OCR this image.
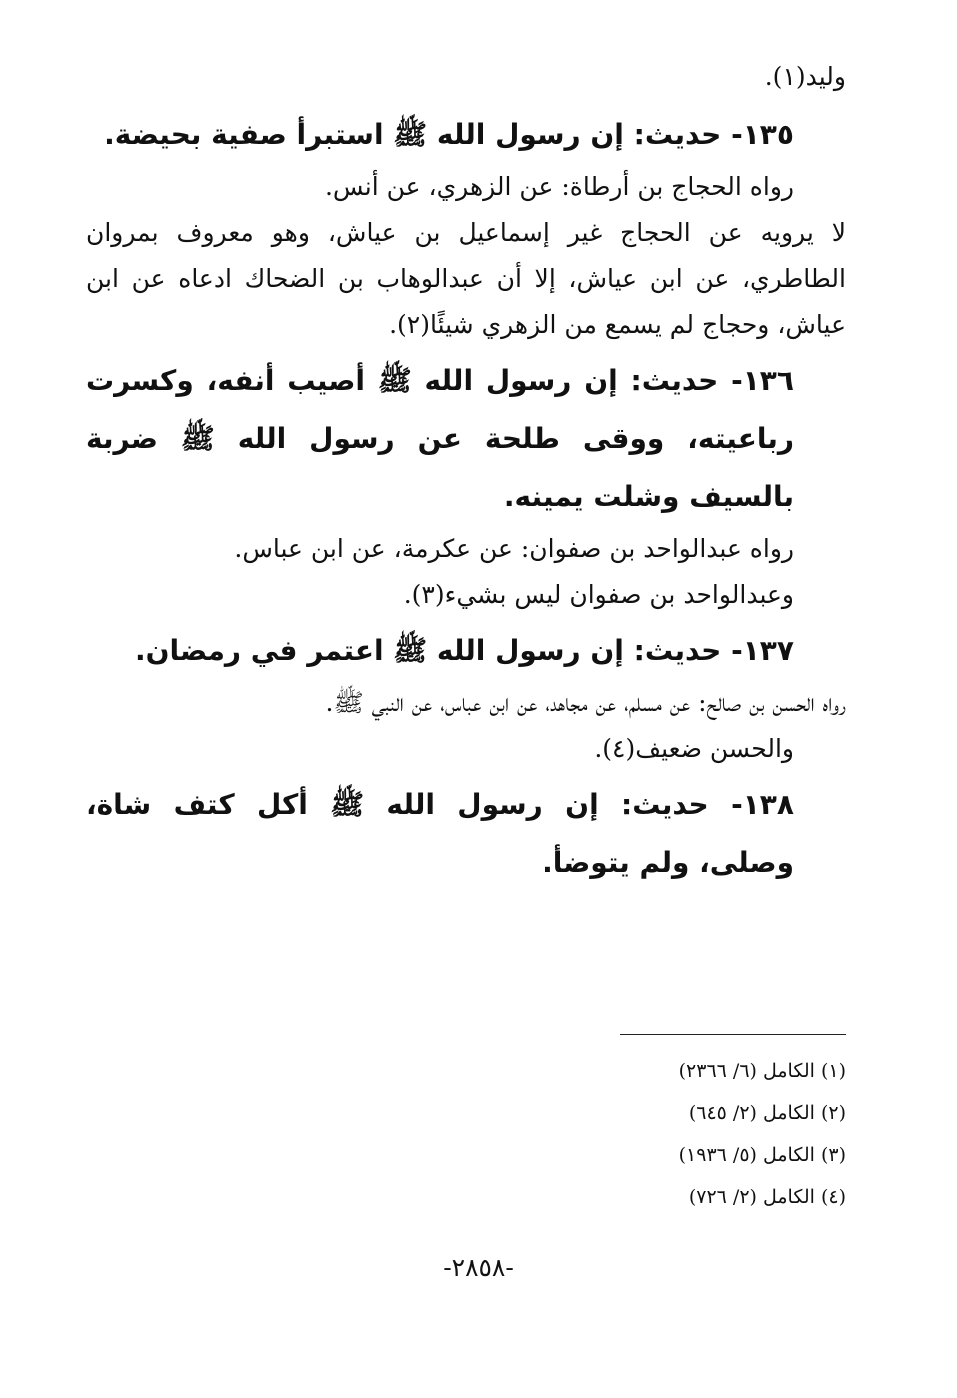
وليد(١).

١٣٥- حديث: إن رسول الله ﷺ استبرأ صفية بحيضة.

رواه الحجاج بن أرطاة: عن الزهري، عن أنس.

لا يرويه عن الحجاج غير إسماعيل بن عياش، وهو معروف بمروان الطاطري، عن ابن عياش، إلا أن عبدالوهاب بن الضحاك ادعاه عن ابن عياش، وحجاج لم يسمع من الزهري شيئًا(٢).

١٣٦- حديث: إن رسول الله ﷺ أصيب أنفه، وكسرت رباعيته، ووقى طلحة عن رسول الله ﷺ ضربة بالسيف وشلت يمينه.

رواه عبدالواحد بن صفوان: عن عكرمة، عن ابن عباس.

وعبدالواحد بن صفوان ليس بشيء(٣).

١٣٧- حديث: إن رسول الله ﷺ اعتمر في رمضان.

رواه الحسن بن صالح: عن مسلم، عن مجاهد، عن ابن عباس، عن النبي ﷺ.

والحسن ضعيف(٤).

١٣٨- حديث: إن رسول الله ﷺ أكل كتف شاة، وصلى، ولم يتوضأ.

(١) الكامل (٦/ ٢٣٦٦)

(٢) الكامل (٢/ ٦٤٥)

(٣) الكامل (٥/ ١٩٣٦)

(٤) الكامل (٢/ ٧٢٦)

-٢٨٥٨-
